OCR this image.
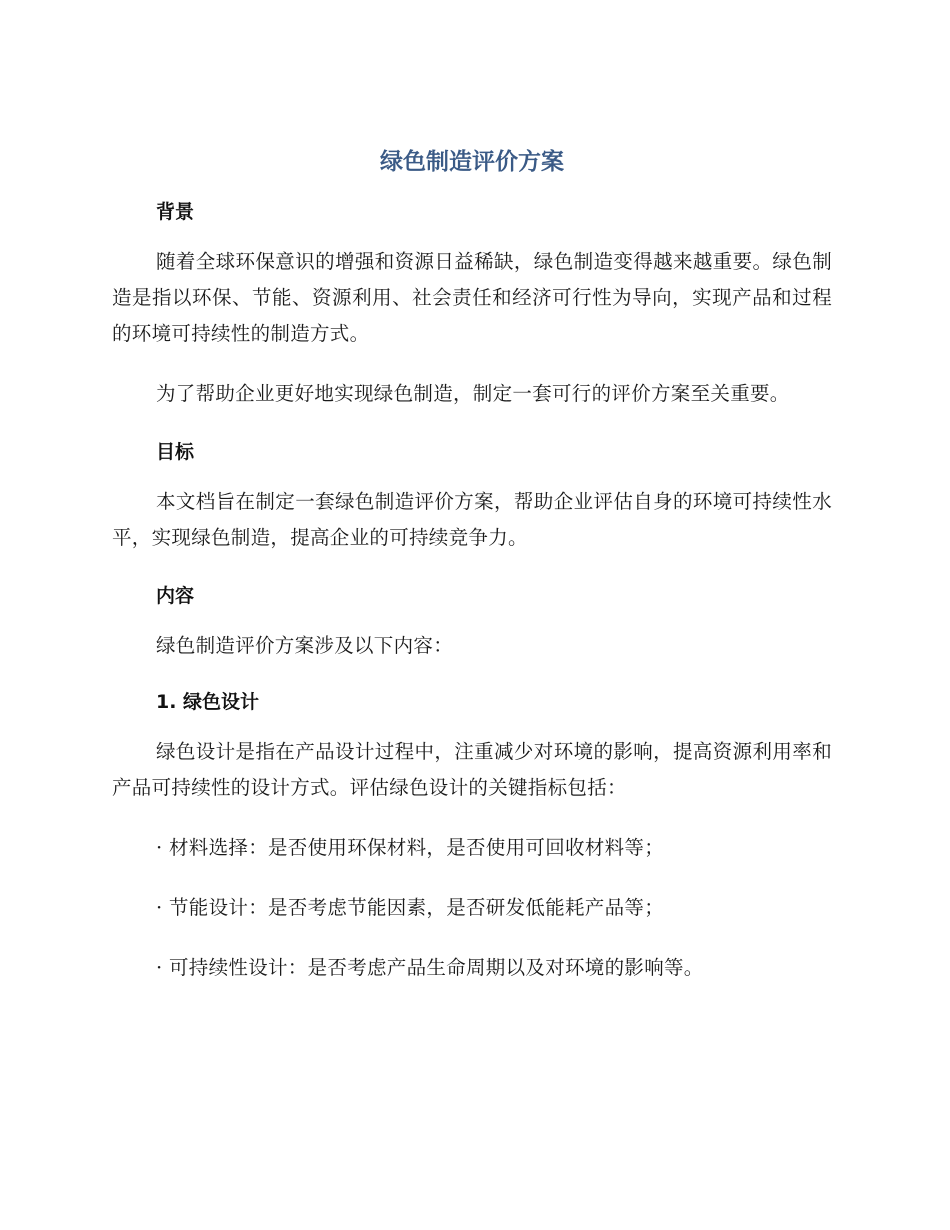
绿色制造评价方案
背景

随着全球环保意识的增强和资源日益稀缺，绿色制造变得越来越重要。绿色制造是指以环保、节能、资源利用、社会责任和经济可行性为导向，实现产品和过程的环境可持续性的制造方式。

为了帮助企业更好地实现绿色制造，制定一套可行的评价方案至关重要。

目标

本文档旨在制定一套绿色制造评价方案，帮助企业评估自身的环境可持续性水平，实现绿色制造，提高企业的可持续竞争力。

内容

绿色制造评价方案涉及以下内容：

1. 绿色设计

绿色设计是指在产品设计过程中，注重减少对环境的影响，提高资源利用率和产品可持续性的设计方式。评估绿色设计的关键指标包括：

· 材料选择：是否使用环保材料，是否使用可回收材料等；

· 节能设计：是否考虑节能因素，是否研发低能耗产品等；

· 可持续性设计：是否考虑产品生命周期以及对环境的影响等。
